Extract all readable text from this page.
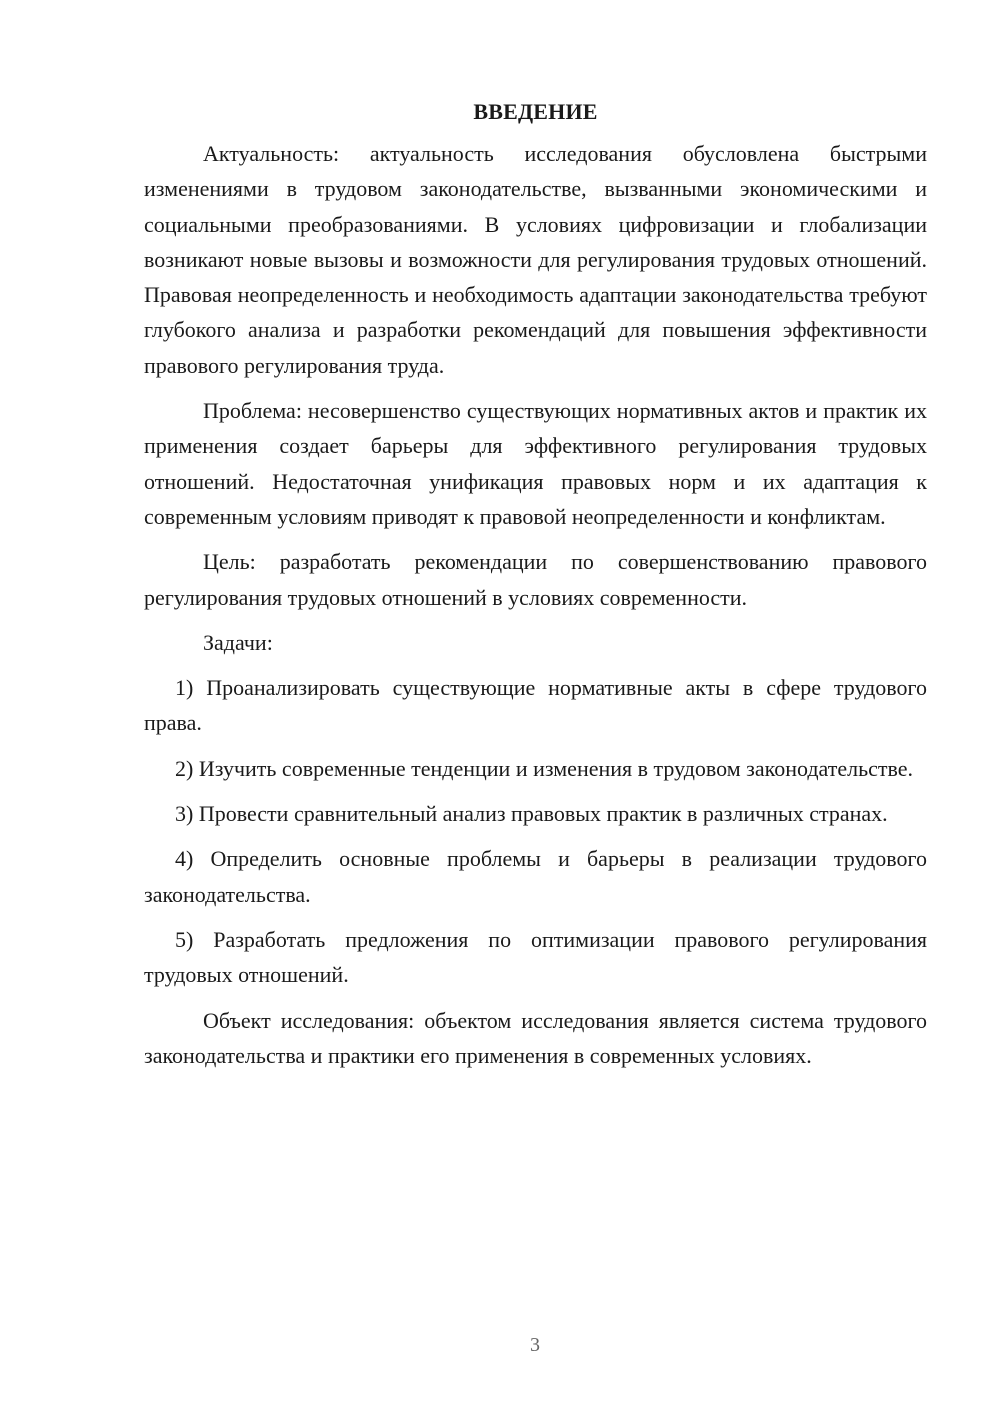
ВВЕДЕНИЕ

Актуальность: актуальность исследования обусловлена быстрыми изменениями в трудовом законодательстве, вызванными экономическими и социальными преобразованиями. В условиях цифровизации и глобализации возникают новые вызовы и возможности для регулирования трудовых отношений. Правовая неопределенность и необходимость адаптации законодательства требуют глубокого анализа и разработки рекомендаций для повышения эффективности правового регулирования труда.

Проблема: несовершенство существующих нормативных актов и практик их применения создает барьеры для эффективного регулирования трудовых отношений. Недостаточная унификация правовых норм и их адаптация к современным условиям приводят к правовой неопределенности и конфликтам.

Цель: разработать рекомендации по совершенствованию правового регулирования трудовых отношений в условиях современности.

Задачи:

1) Проанализировать существующие нормативные акты в сфере трудового права.

2) Изучить современные тенденции и изменения в трудовом законодательстве.

3) Провести сравнительный анализ правовых практик в различных странах.

4) Определить основные проблемы и барьеры в реализации трудового законодательства.

5) Разработать предложения по оптимизации правового регулирования трудовых отношений.

Объект исследования: объектом исследования является система трудового законодательства и практики его применения в современных условиях.

3
